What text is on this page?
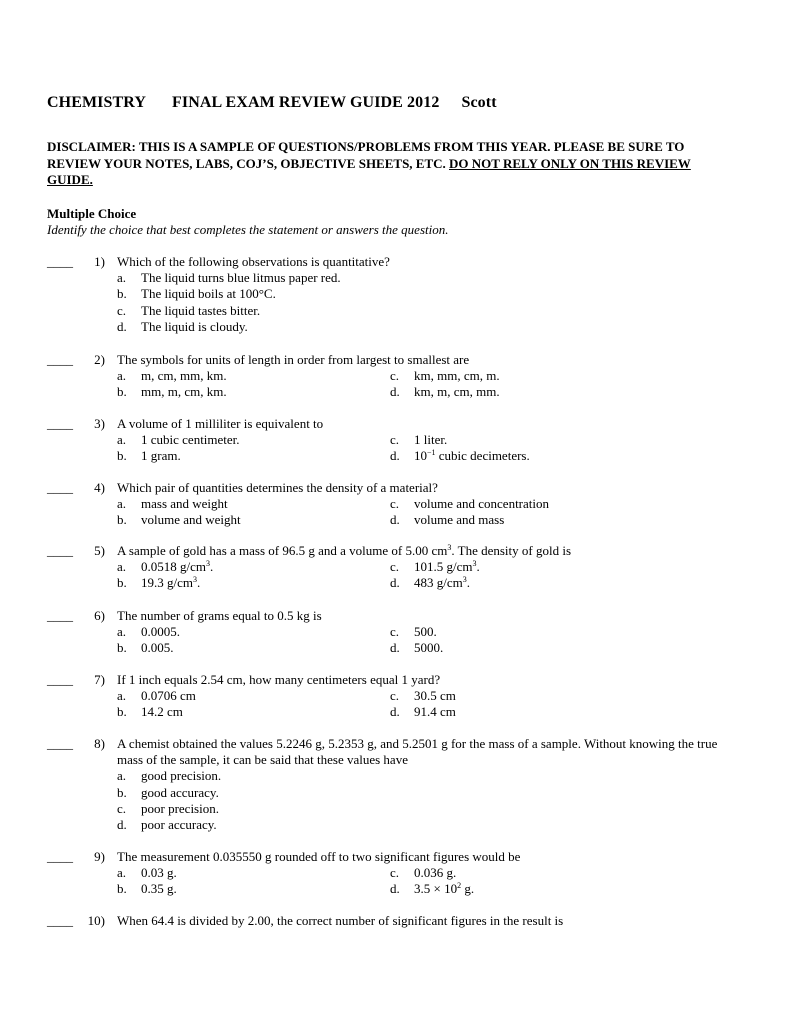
CHEMISTRY FINAL EXAM REVIEW GUIDE 2012 Scott
DISCLAIMER: THIS IS A SAMPLE OF QUESTIONS/PROBLEMS FROM THIS YEAR. PLEASE BE SURE TO REVIEW YOUR NOTES, LABS, COJ’S, OBJECTIVE SHEETS, ETC. DO NOT RELY ONLY ON THIS REVIEW GUIDE.
Multiple Choice
Identify the choice that best completes the statement or answers the question.
____	1) Which of the following observations is quantitative?
a. The liquid turns blue litmus paper red.
b. The liquid boils at 100°C.
c. The liquid tastes bitter.
d. The liquid is cloudy.
____	2) The symbols for units of length in order from largest to smallest are
a. m, cm, mm, km.
b. mm, m, cm, km.
c. km, mm, cm, m.
d. km, m, cm, mm.
____	3) A volume of 1 milliliter is equivalent to
a. 1 cubic centimeter.
b. 1 gram.
c. 1 liter.
d. $10^{-1}$ cubic decimeters.
____	4) Which pair of quantities determines the density of a material?
a. mass and weight
b. volume and weight
c. volume and concentration
d. volume and mass
____	5) A sample of gold has a mass of 96.5 g and a volume of 5.00 $cm^3$. The density of gold is
a. 0.0518 $g/cm^3$.
b. 19.3 $g/cm^3$.
c. 101.5 $g/cm^3$.
d. 483 $g/cm^3$.
____	6) The number of grams equal to 0.5 kg is
a. 0.0005.
b. 0.005.
c. 500.
d. 5000.
____	7) If 1 inch equals 2.54 cm, how many centimeters equal 1 yard?
a. 0.0706 cm
b. 14.2 cm
c. 30.5 cm
d. 91.4 cm
____	8) A chemist obtained the values 5.2246 g, 5.2353 g, and 5.2501 g for the mass of a sample. Without knowing the true mass of the sample, it can be said that these values have
a. good precision.
b. good accuracy.
c. poor precision.
d. poor accuracy.
____	9) The measurement 0.035550 g rounded off to two significant figures would be
a. 0.03 g.
b. 0.35 g.
c. 0.036 g.
d. $3.5 \times 10^2$ g.
____	10) When 64.4 is divided by 2.00, the correct number of significant figures in the result is
